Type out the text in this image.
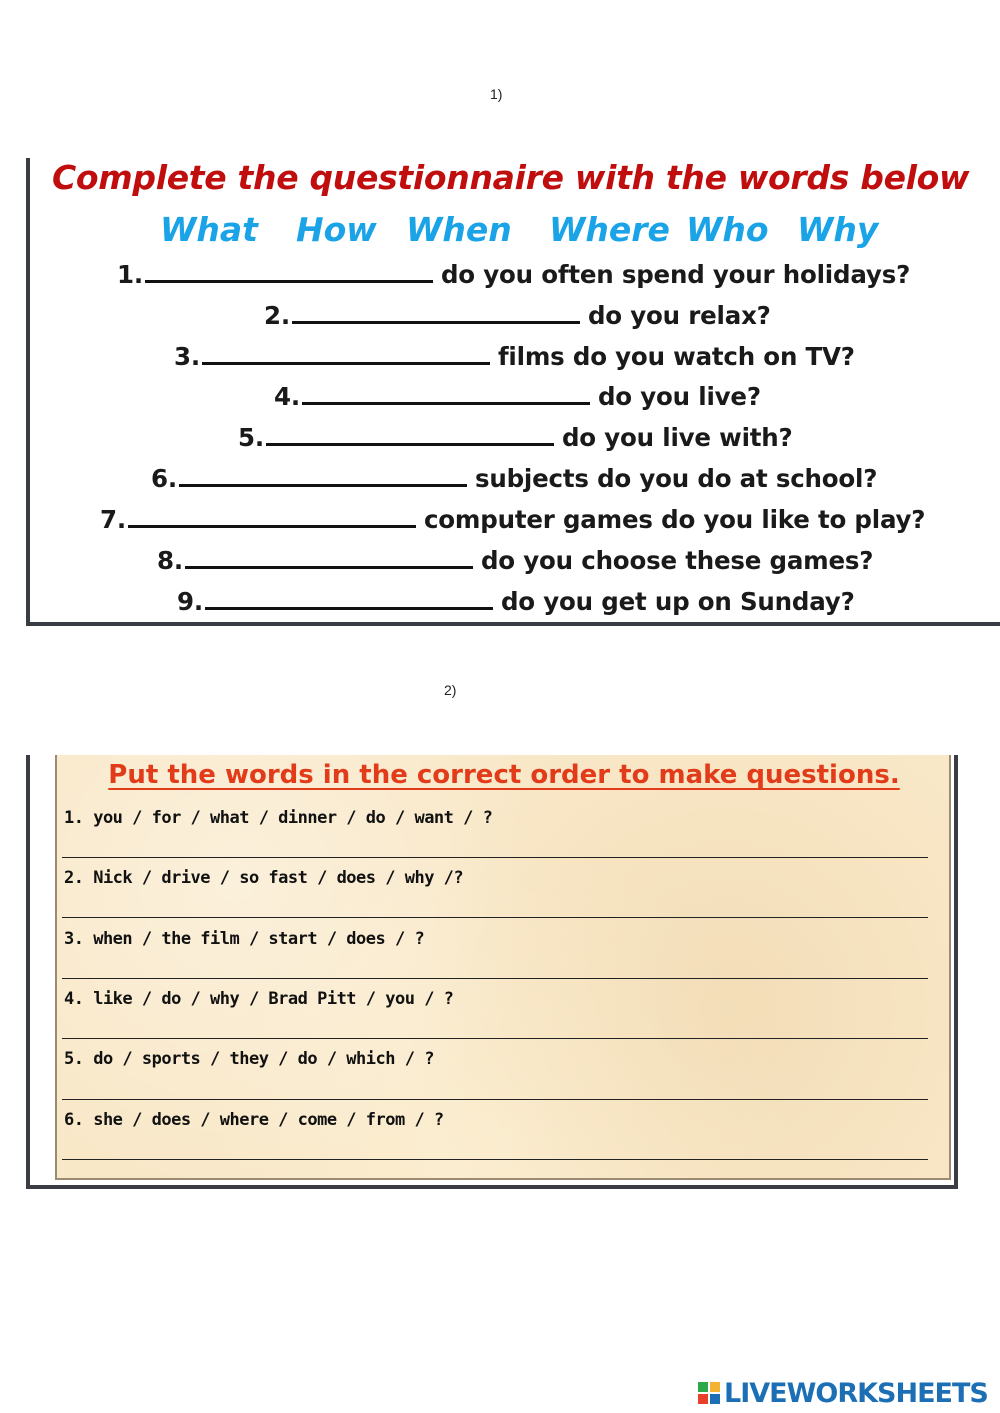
1)
Complete the questionnaire with the words below
What How When Where Who Why
1.	do you often spend your holidays?
2.	do you relax?
3.	films do you watch on TV?
4.	do you live?
5.	do you live with?
6.	subjects do you do at school?
7.	computer games do you like to play?
8.	do you choose these games?
9.	do you get up on Sunday?
2)
Put the words in the correct order to make questions.
1. you / for / what / dinner / do / want / ?
2. Nick / drive / so fast / does / why /?
3. when / the film / start / does / ?
4. like / do / why / Brad Pitt / you / ?
5. do / sports / they / do / which / ?
6. she / does / where / come / from / ?
LIVEWORKSHEETS
